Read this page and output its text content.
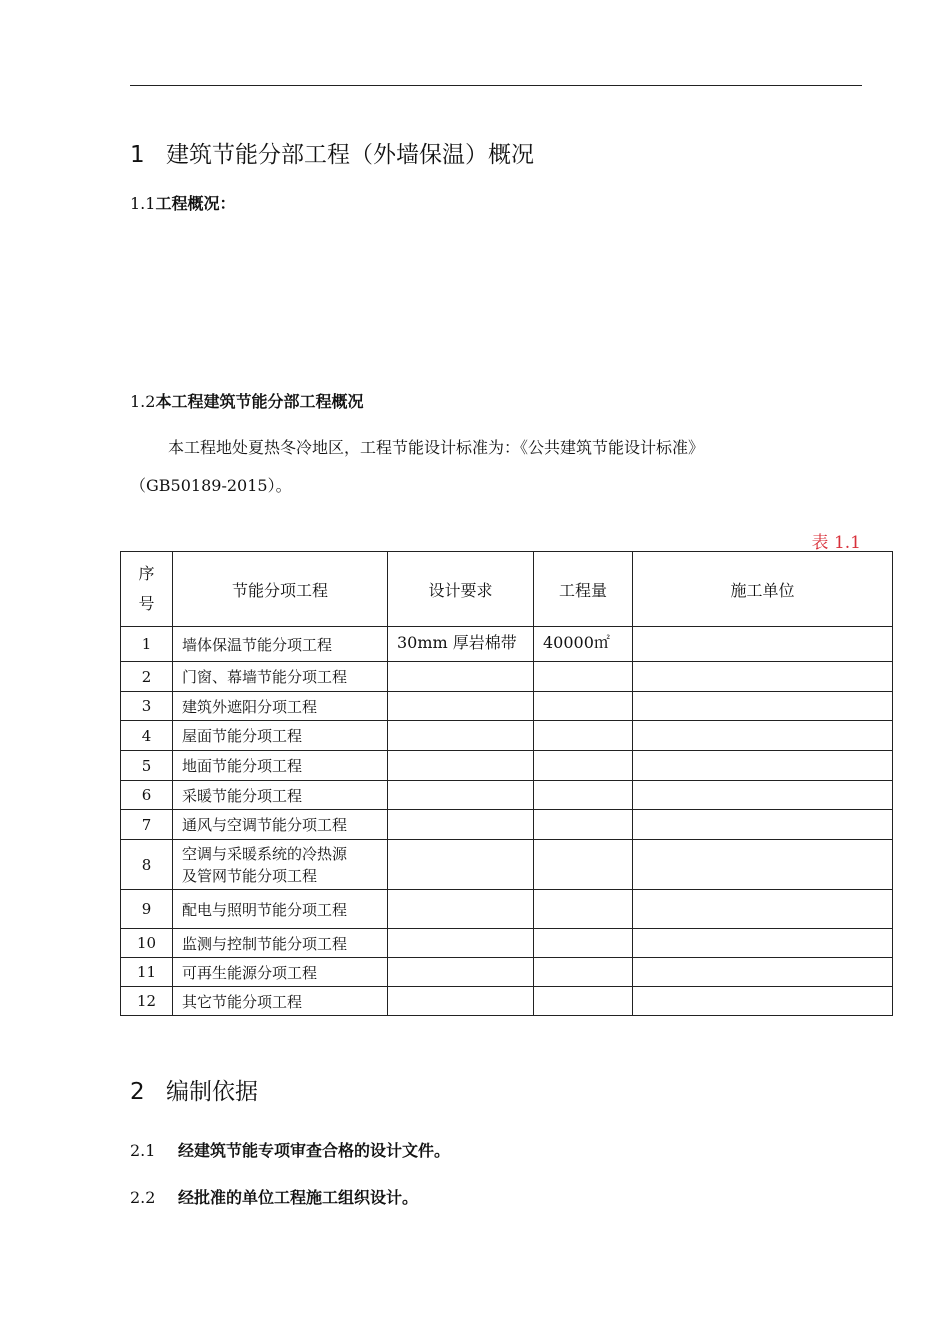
1 建筑节能分部工程（外墙保温）概况
1.1工程概况：
1.2本工程建筑节能分部工程概况
本工程地处夏热冬冷地区，工程节能设计标准为：《公共建筑节能设计标准》
（GB50189-2015）。
表 1.1
序
号	节能分项工程	设计要求	工程量	施工单位
1	墙体保温节能分项工程	30mm 厚岩棉带	40000㎡	
2	门窗、幕墙节能分项工程			
3	建筑外遮阳分项工程			
4	屋面节能分项工程			
5	地面节能分项工程			
6	采暖节能分项工程			
7	通风与空调节能分项工程			
8	空调与采暖系统的冷热源
及管网节能分项工程			
9	配电与照明节能分项工程			
10	监测与控制节能分项工程			
11	可再生能源分项工程			
12	其它节能分项工程			
2 编制依据
2.1 经建筑节能专项审查合格的设计文件。
2.2 经批准的单位工程施工组织设计。
